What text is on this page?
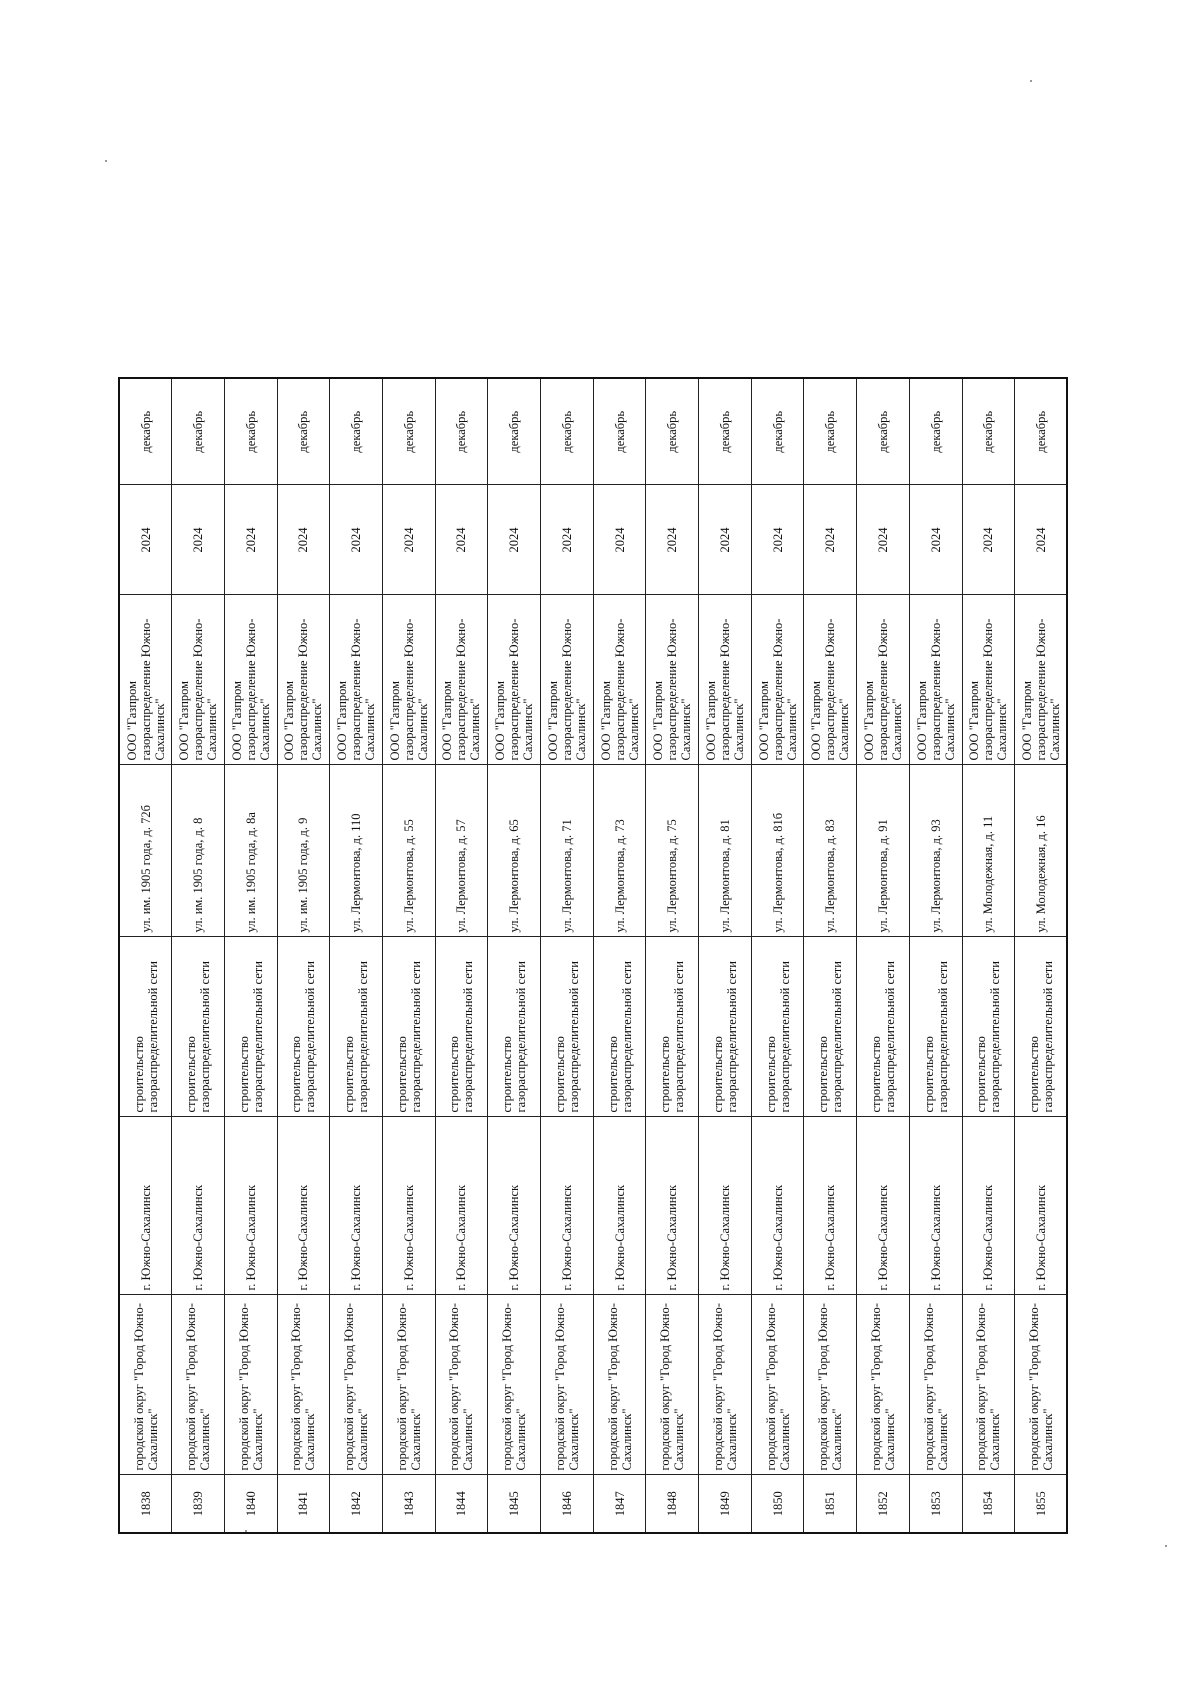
1838	городской округ "Город Южно-Сахалинск"	г. Южно-Сахалинск	строительство газораспределительной сети	ул. им. 1905 года, д. 72б	ООО "Газпром газораспределение Южно-Сахалинск"	2024	декабрь
1839	городской округ "Город Южно-Сахалинск"	г. Южно-Сахалинск	строительство газораспределительной сети	ул. им. 1905 года, д. 8	ООО "Газпром газораспределение Южно-Сахалинск"	2024	декабрь
1840	городской округ "Город Южно-Сахалинск"	г. Южно-Сахалинск	строительство газораспределительной сети	ул. им. 1905 года, д. 8а	ООО "Газпром газораспределение Южно-Сахалинск"	2024	декабрь
1841	городской округ "Город Южно-Сахалинск"	г. Южно-Сахалинск	строительство газораспределительной сети	ул. им. 1905 года, д. 9	ООО "Газпром газораспределение Южно-Сахалинск"	2024	декабрь
1842	городской округ "Город Южно-Сахалинск"	г. Южно-Сахалинск	строительство газораспределительной сети	ул. Лермонтова, д. 110	ООО "Газпром газораспределение Южно-Сахалинск"	2024	декабрь
1843	городской округ "Город Южно-Сахалинск"	г. Южно-Сахалинск	строительство газораспределительной сети	ул. Лермонтова, д. 55	ООО "Газпром газораспределение Южно-Сахалинск"	2024	декабрь
1844	городской округ "Город Южно-Сахалинск"	г. Южно-Сахалинск	строительство газораспределительной сети	ул. Лермонтова, д. 57	ООО "Газпром газораспределение Южно-Сахалинск"	2024	декабрь
1845	городской округ "Город Южно-Сахалинск"	г. Южно-Сахалинск	строительство газораспределительной сети	ул. Лермонтова, д. 65	ООО "Газпром газораспределение Южно-Сахалинск"	2024	декабрь
1846	городской округ "Город Южно-Сахалинск"	г. Южно-Сахалинск	строительство газораспределительной сети	ул. Лермонтова, д. 71	ООО "Газпром газораспределение Южно-Сахалинск"	2024	декабрь
1847	городской округ "Город Южно-Сахалинск"	г. Южно-Сахалинск	строительство газораспределительной сети	ул. Лермонтова, д. 73	ООО "Газпром газораспределение Южно-Сахалинск"	2024	декабрь
1848	городской округ "Город Южно-Сахалинск"	г. Южно-Сахалинск	строительство газораспределительной сети	ул. Лермонтова, д. 75	ООО "Газпром газораспределение Южно-Сахалинск"	2024	декабрь
1849	городской округ "Город Южно-Сахалинск"	г. Южно-Сахалинск	строительство газораспределительной сети	ул. Лермонтова, д. 81	ООО "Газпром газораспределение Южно-Сахалинск"	2024	декабрь
1850	городской округ "Город Южно-Сахалинск"	г. Южно-Сахалинск	строительство газораспределительной сети	ул. Лермонтова, д. 81б	ООО "Газпром газораспределение Южно-Сахалинск"	2024	декабрь
1851	городской округ "Город Южно-Сахалинск"	г. Южно-Сахалинск	строительство газораспределительной сети	ул. Лермонтова, д. 83	ООО "Газпром газораспределение Южно-Сахалинск"	2024	декабрь
1852	городской округ "Город Южно-Сахалинск"	г. Южно-Сахалинск	строительство газораспределительной сети	ул. Лермонтова, д. 91	ООО "Газпром газораспределение Южно-Сахалинск"	2024	декабрь
1853	городской округ "Город Южно-Сахалинск"	г. Южно-Сахалинск	строительство газораспределительной сети	ул. Лермонтова, д. 93	ООО "Газпром газораспределение Южно-Сахалинск"	2024	декабрь
1854	городской округ "Город Южно-Сахалинск"	г. Южно-Сахалинск	строительство газораспределительной сети	ул. Молодежная, д. 11	ООО "Газпром газораспределение Южно-Сахалинск"	2024	декабрь
1855	городской округ "Город Южно-Сахалинск"	г. Южно-Сахалинск	строительство газораспределительной сети	ул. Молодежная, д. 16	ООО "Газпром газораспределение Южно-Сахалинск"	2024	декабрь
